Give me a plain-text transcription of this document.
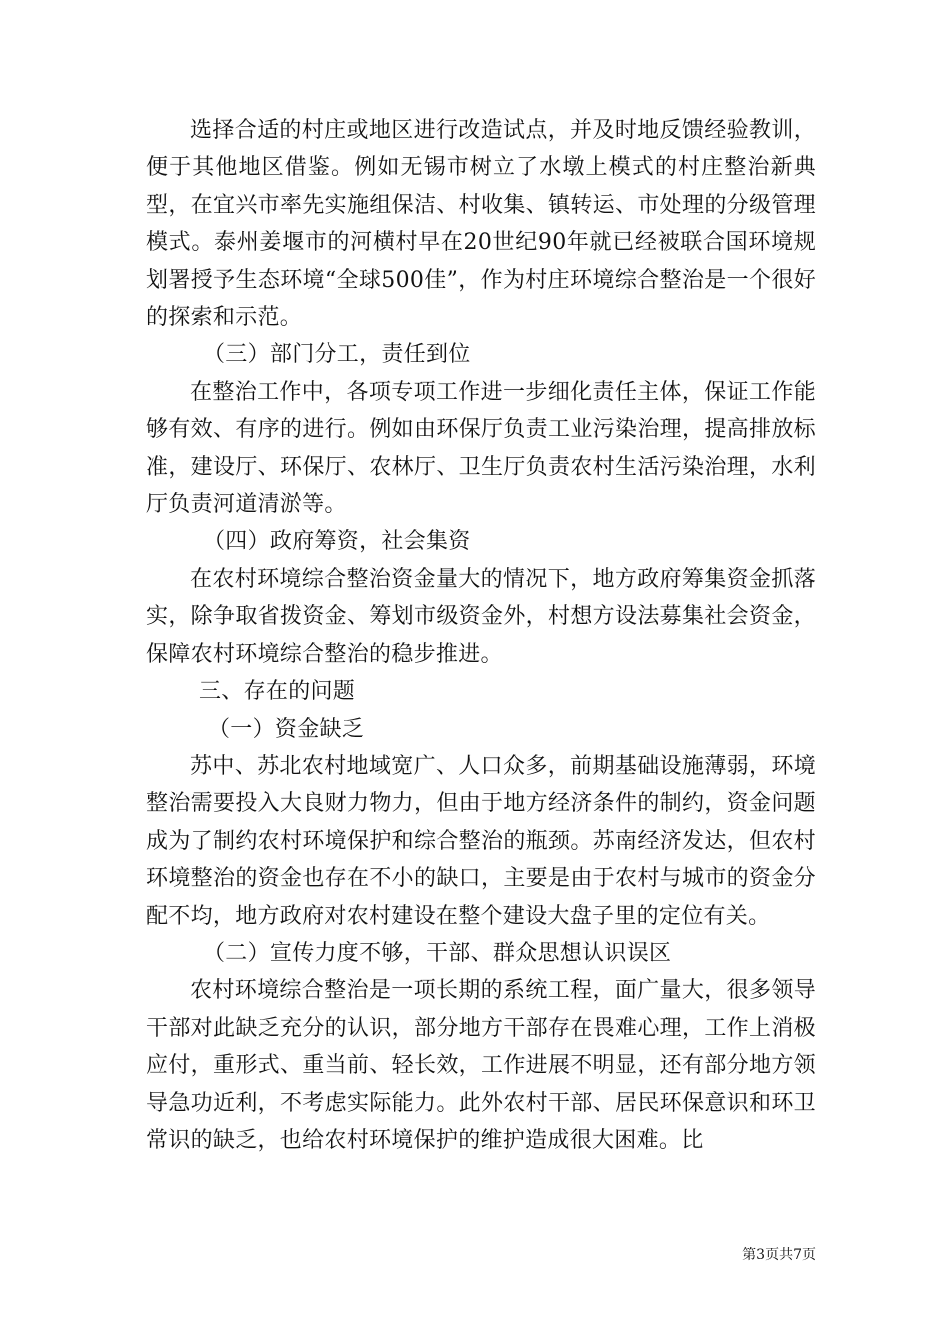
选择合适的村庄或地区进行改造试点，并及时地反馈经验教训，便于其他地区借鉴。例如无锡市树立了水墩上模式的村庄整治新典型，在宜兴市率先实施组保洁、村收集、镇转运、市处理的分级管理模式。泰州姜堰市的河横村早在20世纪90年就已经被联合国环境规划署授予生态环境“全球500佳”，作为村庄环境综合整治是一个很好的探索和示范。

（三）部门分工，责任到位

在整治工作中，各项专项工作进一步细化责任主体，保证工作能够有效、有序的进行。例如由环保厅负责工业污染治理，提高排放标准，建设厅、环保厅、农林厅、卫生厅负责农村生活污染治理，水利厅负责河道清淤等。

（四）政府筹资，社会集资

在农村环境综合整治资金量大的情况下，地方政府筹集资金抓落实，除争取省拨资金、筹划市级资金外，村想方设法募集社会资金，保障农村环境综合整治的稳步推进。

三、存在的问题

（一）资金缺乏

苏中、苏北农村地域宽广、人口众多，前期基础设施薄弱，环境整治需要投入大良财力物力，但由于地方经济条件的制约，资金问题成为了制约农村环境保护和综合整治的瓶颈。苏南经济发达，但农村环境整治的资金也存在不小的缺口，主要是由于农村与城市的资金分配不均，地方政府对农村建设在整个建设大盘子里的定位有关。

（二）宣传力度不够，干部、群众思想认识误区

农村环境综合整治是一项长期的系统工程，面广量大，很多领导干部对此缺乏充分的认识，部分地方干部存在畏难心理，工作上消极应付，重形式、重当前、轻长效，工作进展不明显，还有部分地方领导急功近利，不考虑实际能力。此外农村干部、居民环保意识和环卫常识的缺乏，也给农村环境保护的维护造成很大困难。比

第3页共7页
